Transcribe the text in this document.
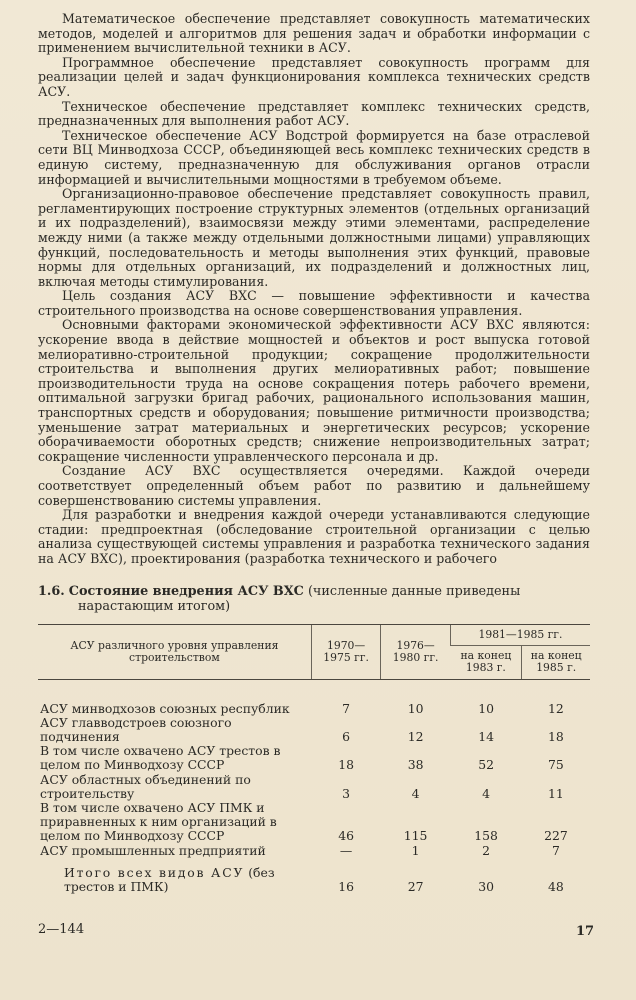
Математическое обеспечение представляет совокупность математических методов, моделей и алгоритмов для решения задач и обработки информации с применением вычислительной техники в АСУ.

Программное обеспечение представляет совокупность программ для реализации целей и задач функционирования комплекса технических средств АСУ.

Техническое обеспечение представляет комплекс технических средств, предназначенных для выполнения работ АСУ.

Техническое обеспечение АСУ Водстрой формируется на базе отраслевой сети ВЦ Минводхоза СССР, объединяющей весь комплекс технических средств в единую систему, предназначенную для обслуживания органов отрасли информацией и вычислительными мощностями в требуемом объеме.

Организационно-правовое обеспечение представляет совокупность правил, регламентирующих построение структурных элементов (отдельных организаций и их подразделений), взаимосвязи между этими элементами, распределение между ними (а также между отдельными должностными лицами) управляющих функций, последовательность и методы выполнения этих функций, правовые нормы для отдельных организаций, их подразделений и должностных лиц, включая методы стимулирования.

Цель создания АСУ ВХС — повышение эффективности и качества строительного производства на основе совершенствования управления.

Основными факторами экономической эффективности АСУ ВХС являются: ускорение ввода в действие мощностей и объектов и рост выпуска готовой мелиоративно-строительной продукции; сокращение продолжительности строительства и выполнения других мелиоративных работ; повышение производительности труда на основе сокращения потерь рабочего времени, оптимальной загрузки бригад рабочих, рационального использования машин, транспортных средств и оборудования; повышение ритмичности производства; уменьшение затрат материальных и энергетических ресурсов; ускорение оборачиваемости оборотных средств; снижение непроизводительных затрат; сокращение численности управленческого персонала и др.

Создание АСУ ВХС осуществляется очередями. Каждой очереди соответствует определенный объем работ по развитию и дальнейшему совершенствованию системы управления.

Для разработки и внедрения каждой очереди устанавливаются следующие стадии: предпроектная (обследование строительной организации с целью анализа существующей системы управления и разработка технического задания на АСУ ВХС), проектирования (разработка технического и рабочего

1.6. Состояние внедрения АСУ ВХС (численные данные приведены
нарастающим итогом)
АСУ различного уровня управления строительством	1970—1975 гг.	1976—1980 гг.	1981—1985 гг.	
			на конец 1983 г.	на конец 1985 г.

АСУ минводхозов союзных республик	7	10	10	12
АСУ главводстроев союзного подчинения	6	12	14	18
В том числе охвачено АСУ трестов в целом по Минводхозу СССР	18	38	52	75
АСУ областных объединений по строительству	3	4	4	11
В том числе охвачено АСУ ПМК и приравненных к ним организаций в целом по Минводхозу СССР	46	115	158	227
АСУ промышленных предприятий	—	1	2	7
Итого всех видов АСУ (без трестов и ПМК)	16	27	30	48
2—144	17
